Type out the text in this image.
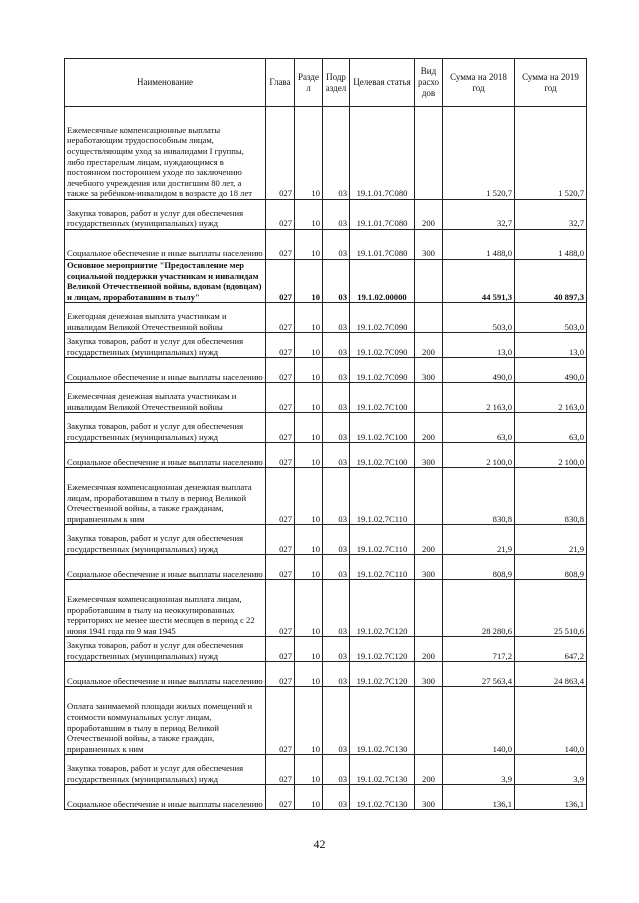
Наименование	Глава	Разде л	Подр аздел	Целевая статья	Вид расхо дов	Сумма на 2018 год	Сумма на 2019 год
Ежемесячные компенсационные выплаты неработающим трудоспособным лицам, осуществляющим уход за инвалидами I группы, либо престарелым лицам, нуждающимся в постоянном постороннем уходе по заключению лечебного учреждения или достигшим 80 лет, а также за ребёнком-инвалидом в возрасте до 18 лет	027	10	03	19.1.01.7С080		1 520,7	1 520,7
Закупка товаров, работ и услуг для обеспечения государственных (муниципальных) нужд	027	10	03	19.1.01.7С080	200	32,7	32,7
Социальное обеспечение и иные выплаты населению	027	10	03	19.1.01.7С080	300	1 488,0	1 488,0
Основное мероприятие "Предоставление мер социальной поддержки участникам и инвалидам Великой Отечественной войны, вдовам (вдовцам) и лицам, проработавшим в тылу"	027	10	03	19.1.02.00000		44 591,3	40 897,3
Ежегодная денежная выплата участникам и инвалидам Великой Отечественной войны	027	10	03	19.1.02.7С090		503,0	503,0
Закупка товаров, работ и услуг для обеспечения государственных (муниципальных) нужд	027	10	03	19.1.02.7С090	200	13,0	13,0
Социальное обеспечение и иные выплаты населению	027	10	03	19.1.02.7С090	300	490,0	490,0
Ежемесячная денежная выплата участникам и инвалидам Великой Отечественной войны	027	10	03	19.1.02.7С100		2 163,0	2 163,0
Закупка товаров, работ и услуг для обеспечения государственных (муниципальных) нужд	027	10	03	19.1.02.7С100	200	63,0	63,0
Социальное обеспечение и иные выплаты населению	027	10	03	19.1.02.7С100	300	2 100,0	2 100,0
Ежемесячная компенсационная денежная выплата лицам, проработавшим в тылу в период Великой Отечественной войны, а также гражданам, приравненным к ним	027	10	03	19.1.02.7С110		830,8	830,8
Закупка товаров, работ и услуг для обеспечения государственных (муниципальных) нужд	027	10	03	19.1.02.7С110	200	21,9	21,9
Социальное обеспечение и иные выплаты населению	027	10	03	19.1.02.7С110	300	808,9	808,9
Ежемесячная компенсационная выплата лицам, проработавшим в тылу на неоккупированных территориях не менее шести месяцев в период с 22 июня 1941 года по 9 мая 1945	027	10	03	19.1.02.7С120		28 280,6	25 510,6
Закупка товаров, работ и услуг для обеспечения государственных (муниципальных) нужд	027	10	03	19.1.02.7С120	200	717,2	647,2
Социальное обеспечение и иные выплаты населению	027	10	03	19.1.02.7С120	300	27 563,4	24 863,4
Оплата занимаемой площади жилых помещений и стоимости коммунальных услуг лицам, проработавшим в тылу в период Великой Отечественной войны, а также граждан, приравненных к ним	027	10	03	19.1.02.7С130		140,0	140,0
Закупка товаров, работ и услуг для обеспечения государственных (муниципальных) нужд	027	10	03	19.1.02.7С130	200	3,9	3,9
Социальное обеспечение и иные выплаты населению	027	10	03	19.1.02.7С130	300	136,1	136,1
42
